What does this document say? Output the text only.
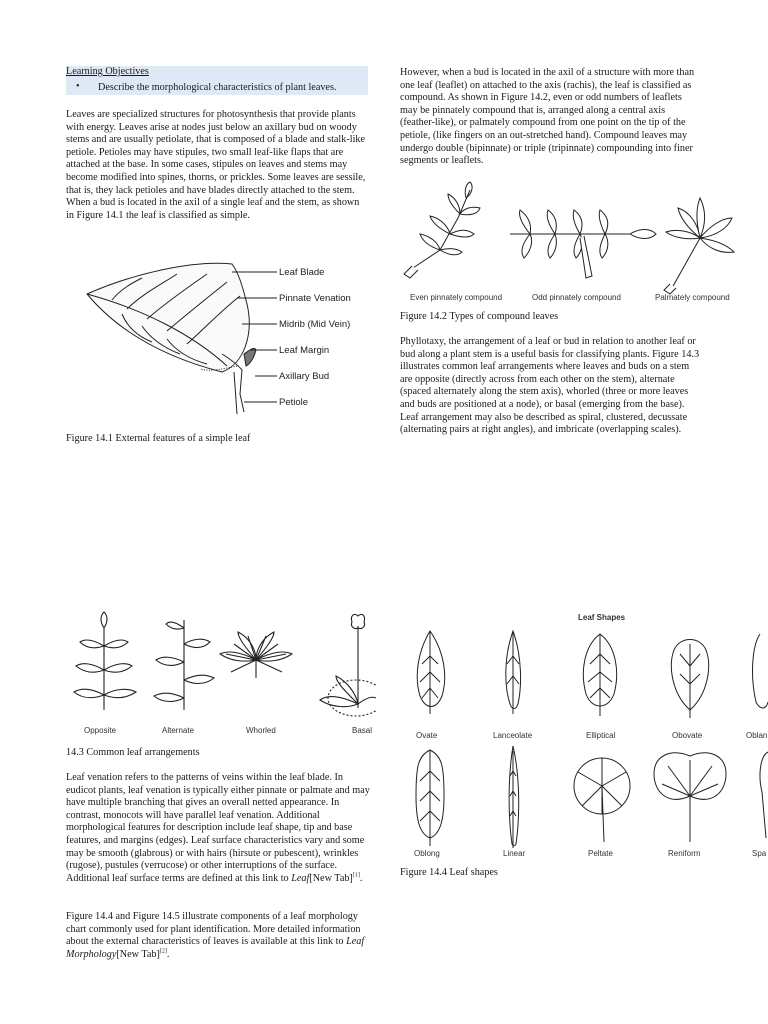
Learning Objectives
• Describe the morphological characteristics of plant leaves.

Leaves are specialized structures for photosynthesis that provide plants with energy. Leaves arise at nodes just below an axillary bud on woody stems and are usually petiolate, that is composed of a blade and stalk-like petiole. Petioles may have stipules, two small leaf-like flaps that are attached at the base. In some cases, stipules on leaves and stems may become modified into spines, thorns, or prickles. Some leaves are sessile, that is, they lack petioles and have blades directly attached to the stem. When a bud is located in the axil of a single leaf and the stem, as shown in Figure 14.1 the leaf is classified as simple.

Leaf Blade
Pinnate Venation
Midrib (Mid Vein)
Leaf Margin
Axillary Bud
Petiole

Figure 14.1 External features of a simple leaf

Opposite	Alternate	Whorled	Basal

14.3 Common leaf arrangements

Leaf venation refers to the patterns of veins within the leaf blade. In eudicot plants, leaf venation is typically either pinnate or palmate and may have multiple branching that gives an overall netted appearance. In contrast, monocots will have parallel leaf venation. Additional morphological features for description include leaf shape, tip and base features, and margins (edges). Leaf surface characteristics vary and some may be smooth (glabrous) or with hairs (hirsute or pubescent), wrinkles (rugose), pustules (verrucose) or other interruptions of the surface. Additional leaf surface terms are defined at this link to Leaf[New Tab][1].

Figure 14.4 and Figure 14.5 illustrate components of a leaf morphology chart commonly used for plant identification. More detailed information about the external characteristics of leaves is available at this link to Leaf Morphology[New Tab][2].

However, when a bud is located in the axil of a structure with more than one leaf (leaflet) on attached to the axis (rachis), the leaf is classified as compound. As shown in Figure 14.2, even or odd numbers of leaflets may be pinnately compound that is, arranged along a central axis (feather-like), or palmately compound from one point on the tip of the petiole, (like fingers on an out-stretched hand). Compound leaves may undergo double (bipinnate) or triple (tripinnate) compounding into finer segments or leaflets.

Even pinnately compound	Odd pinnately compound	Palmately compound

Figure 14.2 Types of compound leaves

Phyllotaxy, the arrangement of a leaf or bud in relation to another leaf or bud along a plant stem is a useful basis for classifying plants. Figure 14.3 illustrates common leaf arrangements where leaves and buds on a stem are opposite (directly across from each other on the stem), alternate (spaced alternately along the stem axis), whorled (three or more leaves and buds are positioned at a node), or basal (emerging from the base). Leaf arrangement may also be described as spiral, clustered, decussate (alternating pairs at right angles), and imbricate (overlapping scales).

Leaf Shapes
Ovate	Lanceolate	Elliptical	Obovate	Oblan
Oblong	Linear	Peltate	Reniform	Spa

Figure 14.4 Leaf shapes
